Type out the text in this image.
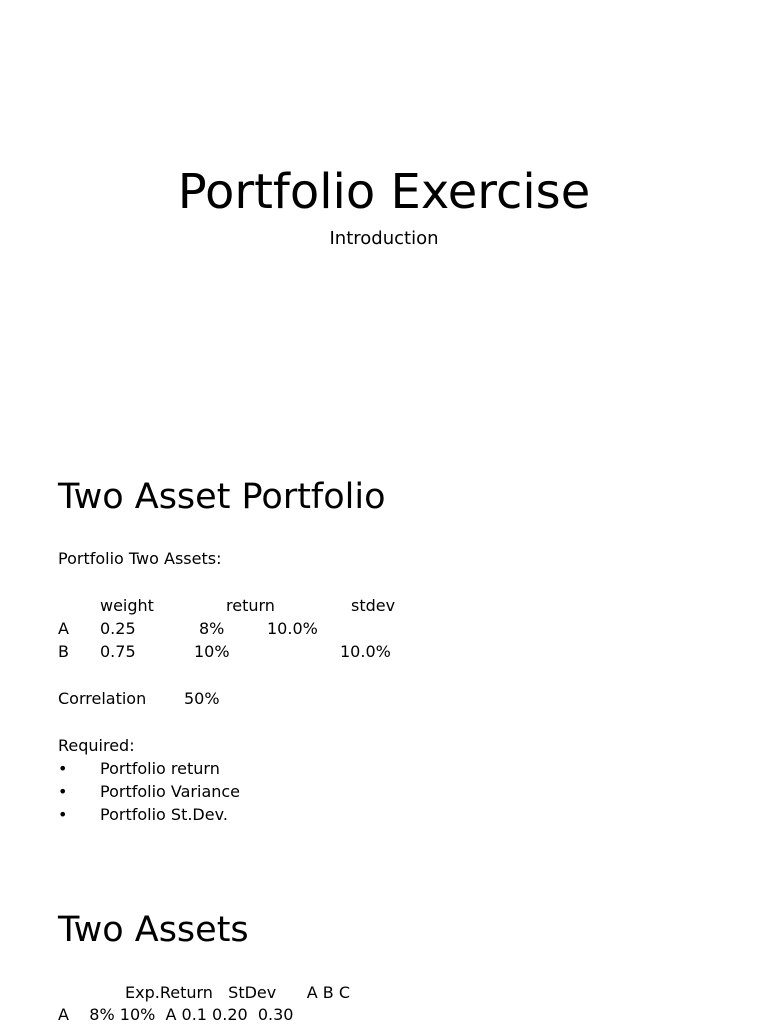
Portfolio Exercise
Introduction
Two Asset Portfolio
Portfolio Two Assets:
weight	return	stdev
A 0.25	8%	10.0%
B 0.75	10%	10.0%
Correlation 50%
Required:
• Portfolio return
• Portfolio Variance
• Portfolio St.Dev.
Two Assets
Exp.Return   StDev      A B C
A    8% 10%  A 0.1 0.20  0.30
